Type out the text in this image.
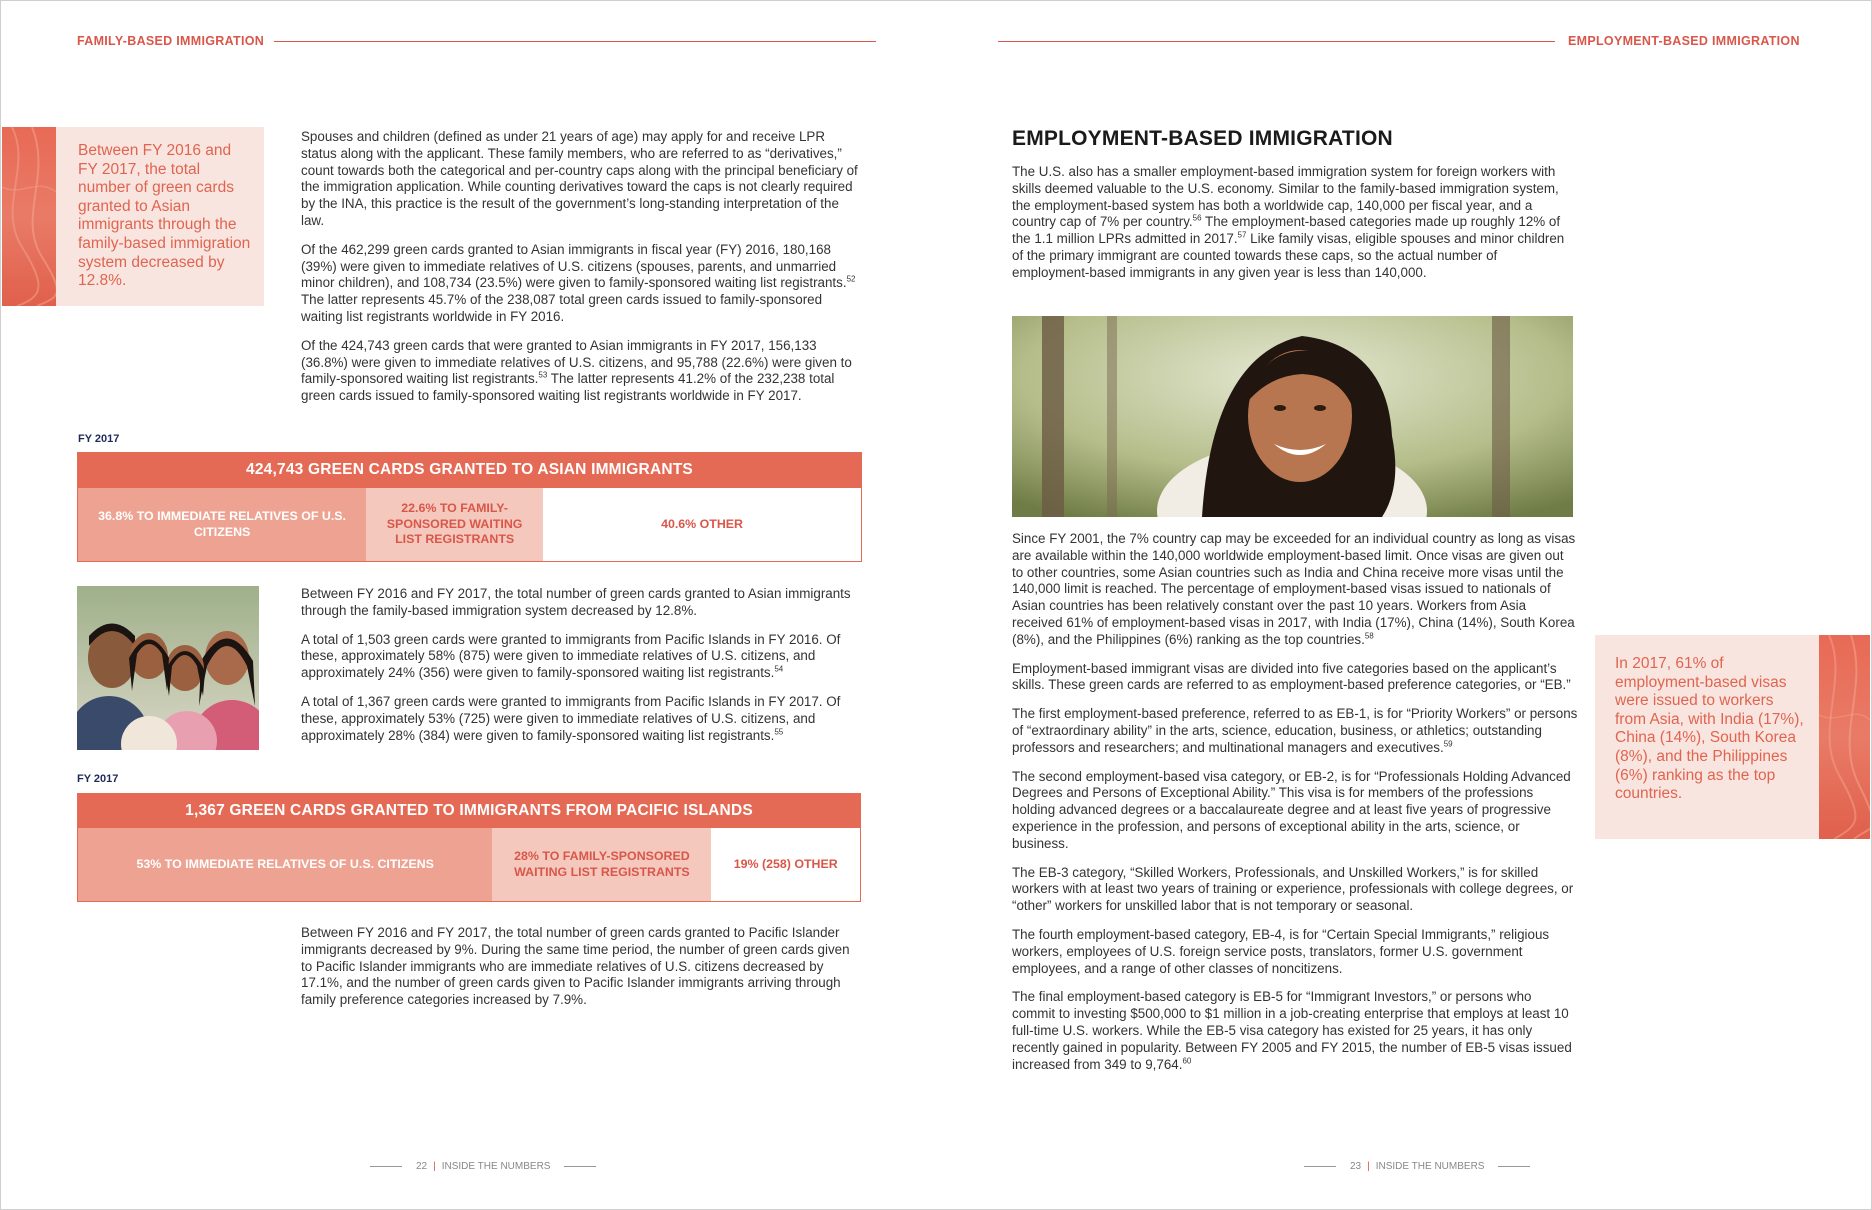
FAMILY-BASED IMMIGRATION
Between FY 2016 and FY 2017, the total number of green cards granted to Asian immigrants through the family-based immigration system decreased by 12.8%.

Spouses and children (defined as under 21 years of age) may apply for and receive LPR status along with the applicant. These family members, who are referred to as “derivatives,” count towards both the categorical and per-country caps along with the principal beneficiary of the immigration application. While counting derivatives toward the caps is not clearly required by the INA, this practice is the result of the government’s long-standing interpretation of the law.

Of the 462,299 green cards granted to Asian immigrants in fiscal year (FY) 2016, 180,168 (39%) were given to immediate relatives of U.S. citizens (spouses, parents, and unmarried minor children), and 108,734 (23.5%) were given to family-sponsored waiting list registrants.$^{52}$ The latter represents 45.7% of the 238,087 total green cards issued to family-sponsored waiting list registrants worldwide in FY 2016.

Of the 424,743 green cards that were granted to Asian immigrants in FY 2017, 156,133 (36.8%) were given to immediate relatives of U.S. citizens, and 95,788 (22.6%) were given to family-sponsored waiting list registrants.$^{53}$ The latter represents 41.2% of the 232,238 total green cards issued to family-sponsored waiting list registrants worldwide in FY 2017.

FY 2017
424,743 GREEN CARDS GRANTED TO ASIAN IMMIGRANTS
36.8% TO IMMEDIATE RELATIVES OF U.S. CITIZENS
22.6% TO FAMILY-SPONSORED WAITING LIST REGISTRANTS
40.6% OTHER

Between FY 2016 and FY 2017, the total number of green cards granted to Asian immigrants through the family-based immigration system decreased by 12.8%.

A total of 1,503 green cards were granted to immigrants from Pacific Islands in FY 2016. Of these, approximately 58% (875) were given to immediate relatives of U.S. citizens, and approximately 24% (356) were given to family-sponsored waiting list registrants.$^{54}$

A total of 1,367 green cards were granted to immigrants from Pacific Islands in FY 2017. Of these, approximately 53% (725) were given to immediate relatives of U.S. citizens, and approximately 28% (384) were given to family-sponsored waiting list registrants.$^{55}$

FY 2017
1,367 GREEN CARDS GRANTED TO IMMIGRANTS FROM PACIFIC ISLANDS
53% TO IMMEDIATE RELATIVES OF U.S. CITIZENS
28% TO FAMILY-SPONSORED WAITING LIST REGISTRANTS
19% (258) OTHER

Between FY 2016 and FY 2017, the total number of green cards granted to Pacific Islander immigrants decreased by 9%. During the same time period, the number of green cards given to Pacific Islander immigrants who are immediate relatives of U.S. citizens decreased by 17.1%, and the number of green cards given to Pacific Islander immigrants arriving through family preference categories increased by 7.9%.

22 | INSIDE THE NUMBERS
EMPLOYMENT-BASED IMMIGRATION
EMPLOYMENT-BASED IMMIGRATION

The U.S. also has a smaller employment-based immigration system for foreign workers with skills deemed valuable to the U.S. economy. Similar to the family-based immigration system, the employment-based system has both a worldwide cap, 140,000 per fiscal year, and a country cap of 7% per country.$^{56}$ The employment-based categories made up roughly 12% of the 1.1 million LPRs admitted in 2017.57 Like family visas, eligible spouses and minor children of the primary immigrant are counted towards these caps, so the actual number of employment-based immigrants in any given year is less than 140,000.

Since FY 2001, the 7% country cap may be exceeded for an individual country as long as visas are available within the 140,000 worldwide employment-based limit. Once visas are given out to other countries, some Asian countries such as India and China receive more visas until the 140,000 limit is reached. The percentage of employment-based visas issued to nationals of Asian countries has been relatively constant over the past 10 years. Workers from Asia received 61% of employment-based visas in 2017, with India (17%), China (14%), South Korea (8%), and the Philippines (6%) ranking as the top countries.$^{58}$

Employment-based immigrant visas are divided into five categories based on the applicant’s skills. These green cards are referred to as employment-based preference categories, or “EB.”

The first employment-based preference, referred to as EB-1, is for “Priority Workers” or persons of “extraordinary ability” in the arts, science, education, business, or athletics; outstanding professors and researchers; and multinational managers and executives.$^{59}$

The second employment-based visa category, or EB-2, is for “Professionals Holding Advanced Degrees and Persons of Exceptional Ability.” This visa is for members of the professions holding advanced degrees or a baccalaureate degree and at least five years of progressive experience in the profession, and persons of exceptional ability in the arts, science, or business.

The EB-3 category, “Skilled Workers, Professionals, and Unskilled Workers,” is for skilled workers with at least two years of training or experience, professionals with college degrees, or “other” workers for unskilled labor that is not temporary or seasonal.

The fourth employment-based category, EB-4, is for “Certain Special Immigrants,” religious workers, employees of U.S. foreign service posts, translators, former U.S. government employees, and a range of other classes of noncitizens.

The final employment-based category is EB-5 for “Immigrant Investors,” or persons who commit to investing $500,000 to $1 million in a job-creating enterprise that employs at least 10 full-time U.S. workers. While the EB-5 visa category has existed for 25 years, it has only recently gained in popularity. Between FY 2005 and FY 2015, the number of EB-5 visas issued increased from 349 to 9,764.60

In 2017, 61% of employment-based visas were issued to workers from Asia, with India (17%), China (14%), South Korea (8%), and the Philippines (6%) ranking as the top countries.
23 | INSIDE THE NUMBERS
